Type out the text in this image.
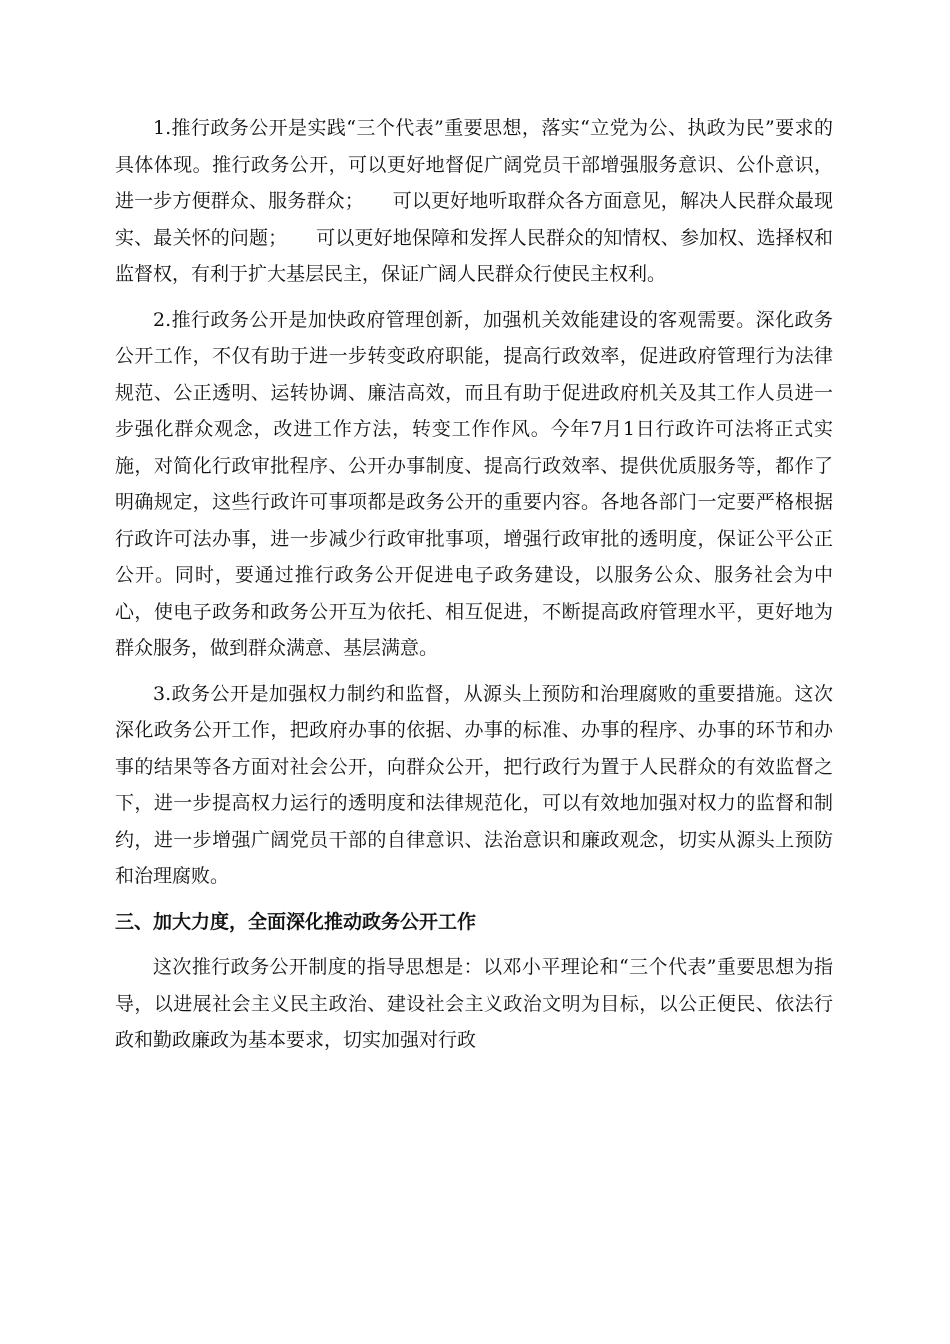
1.推行政务公开是实践“三个代表”重要思想，落实“立党为公、执政为民”要求的具体体现。推行政务公开，可以更好地督促广阔党员干部增强服务意识、公仆意识，进一步方便群众、服务群众；　　可以更好地听取群众各方面意见，解决人民群众最现实、最关怀的问题；　　可以更好地保障和发挥人民群众的知情权、参加权、选择权和监督权，有利于扩大基层民主，保证广阔人民群众行使民主权利。

2.推行政务公开是加快政府管理创新，加强机关效能建设的客观需要。深化政务公开工作，不仅有助于进一步转变政府职能，提高行政效率，促进政府管理行为法律规范、公正透明、运转协调、廉洁高效，而且有助于促进政府机关及其工作人员进一步强化群众观念，改进工作方法，转变工作作风。今年7月1日行政许可法将正式实施，对简化行政审批程序、公开办事制度、提高行政效率、提供优质服务等，都作了明确规定，这些行政许可事项都是政务公开的重要内容。各地各部门一定要严格根据行政许可法办事，进一步减少行政审批事项，增强行政审批的透明度，保证公平公正公开。同时，要通过推行政务公开促进电子政务建设，以服务公众、服务社会为中心，使电子政务和政务公开互为依托、相互促进，不断提高政府管理水平，更好地为群众服务，做到群众满意、基层满意。

3.政务公开是加强权力制约和监督，从源头上预防和治理腐败的重要措施。这次深化政务公开工作，把政府办事的依据、办事的标准、办事的程序、办事的环节和办事的结果等各方面对社会公开，向群众公开，把行政行为置于人民群众的有效监督之下，进一步提高权力运行的透明度和法律规范化，可以有效地加强对权力的监督和制约，进一步增强广阔党员干部的自律意识、法治意识和廉政观念，切实从源头上预防和治理腐败。

三、加大力度，全面深化推动政务公开工作

这次推行政务公开制度的指导思想是：以邓小平理论和“三个代表”重要思想为指导，以进展社会主义民主政治、建设社会主义政治文明为目标，以公正便民、依法行政和勤政廉政为基本要求，切实加强对行政
